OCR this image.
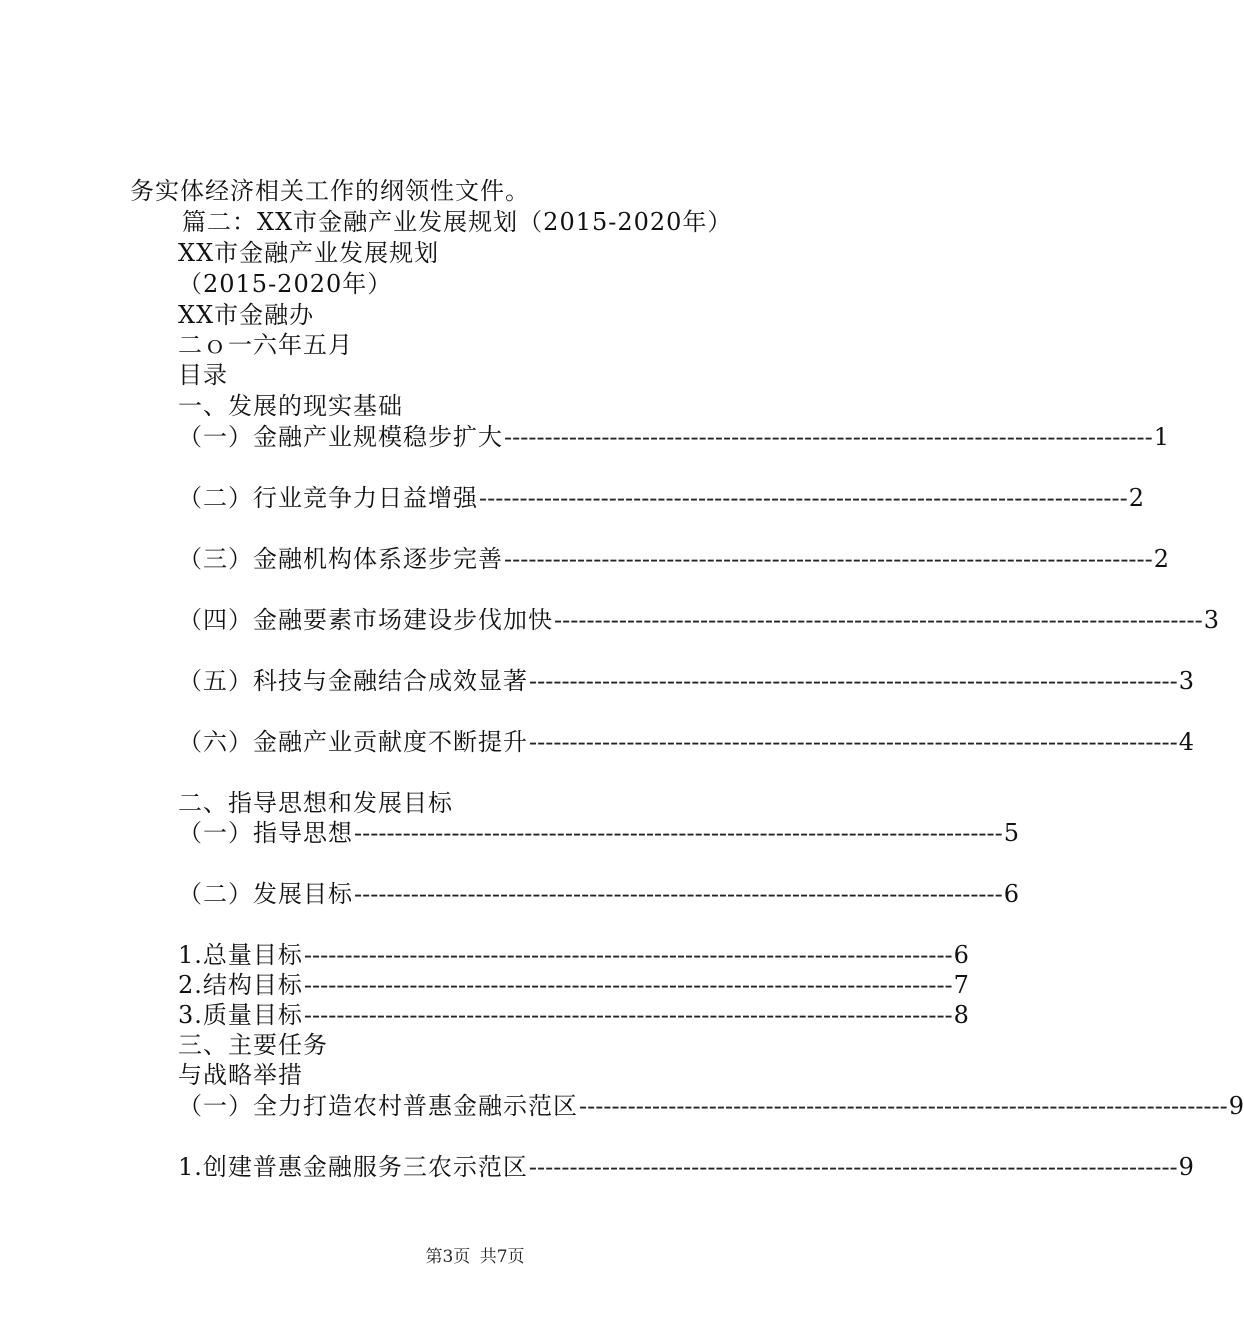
务实体经济相关工作的纲领性文件。
篇二：XX市金融产业发展规划（2015-2020年）
XX市金融产业发展规划
（2015-2020年）
XX市金融办
二ｏ一六年五月
目录
一、发展的现实基础
（一）金融产业规模稳步扩大 -------------------------------------------------------------------------------- 1
（二）行业竞争力日益增强 -------------------------------------------------------------------------------- 2
（三）金融机构体系逐步完善 -------------------------------------------------------------------------------- 2
（四）金融要素市场建设步伐加快 -------------------------------------------------------------------------------- 3
（五）科技与金融结合成效显著 -------------------------------------------------------------------------------- 3
（六）金融产业贡献度不断提升 -------------------------------------------------------------------------------- 4
二、指导思想和发展目标
（一）指导思想 -------------------------------------------------------------------------------- 5
（二）发展目标 -------------------------------------------------------------------------------- 6
1.总量目标 -------------------------------------------------------------------------------- 6
2.结构目标 -------------------------------------------------------------------------------- 7
3.质量目标 -------------------------------------------------------------------------------- 8
三、主要任务
与战略举措
（一）全力打造农村普惠金融示范区 -------------------------------------------------------------------------------- 9
1.创建普惠金融服务三农示范区 -------------------------------------------------------------------------------- 9
第3页 共7页
